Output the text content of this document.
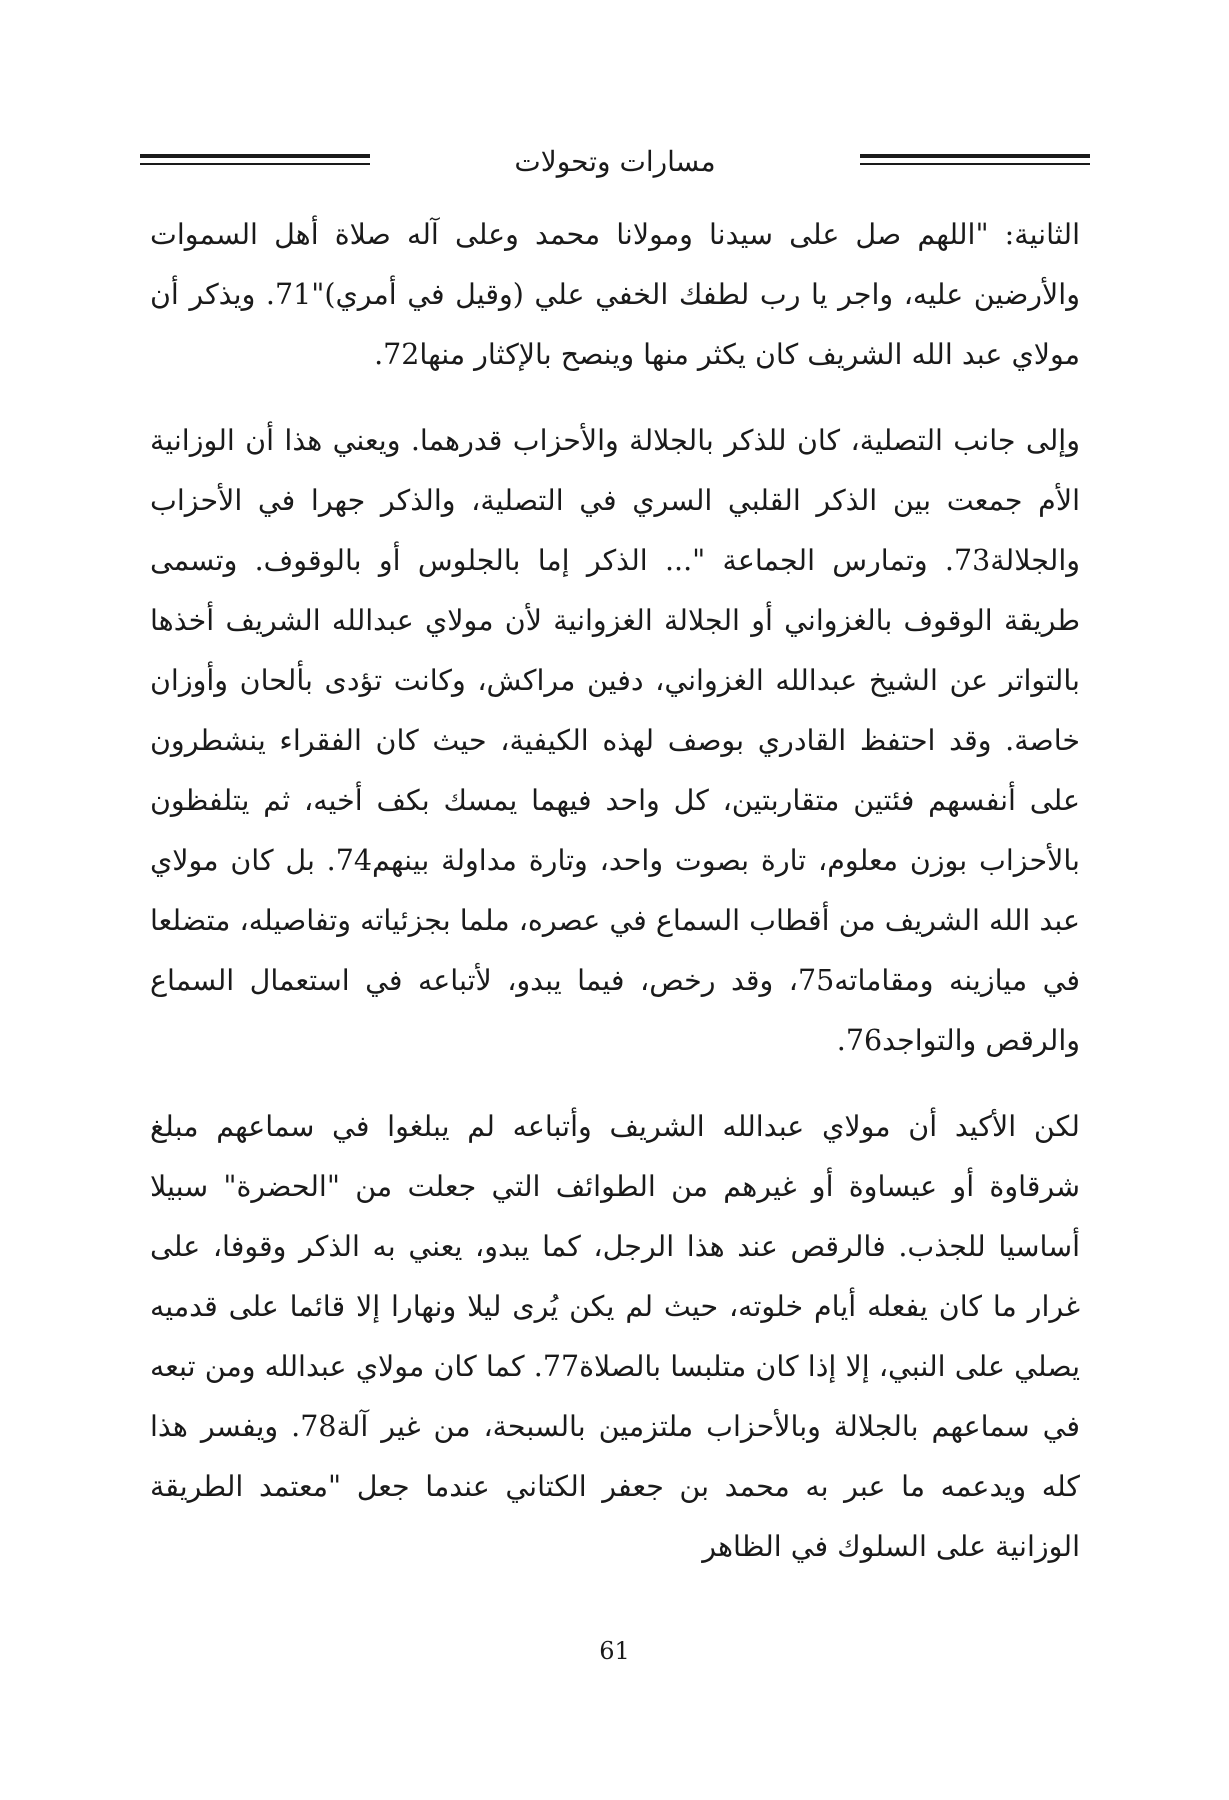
مسارات وتحولات

الثانية: "اللهم صل على سيدنا ومولانا محمد وعلى آله صلاة أهل السموات والأرضين عليه، واجر يا رب لطفك الخفي علي (وقيل في أمري)"71. ويذكر أن مولاي عبد الله الشريف كان يكثر منها وينصح بالإكثار منها72.

وإلى جانب التصلية، كان للذكر بالجلالة والأحزاب قدرهما. ويعني هذا أن الوزانية الأم جمعت بين الذكر القلبي السري في التصلية، والذكر جهرا في الأحزاب والجلالة73. وتمارس الجماعة "... الذكر إما بالجلوس أو بالوقوف. وتسمى طريقة الوقوف بالغزواني أو الجلالة الغزوانية لأن مولاي عبدالله الشريف أخذها بالتواتر عن الشيخ عبدالله الغزواني، دفين مراكش، وكانت تؤدى بألحان وأوزان خاصة. وقد احتفظ القادري بوصف لهذه الكيفية، حيث كان الفقراء ينشطرون على أنفسهم فئتين متقاربتين، كل واحد فيهما يمسك بكف أخيه، ثم يتلفظون بالأحزاب بوزن معلوم، تارة بصوت واحد، وتارة مداولة بينهم74. بل كان مولاي عبد الله الشريف من أقطاب السماع في عصره، ملما بجزئياته وتفاصيله، متضلعا في ميازينه ومقاماته75، وقد رخص، فيما يبدو، لأتباعه في استعمال السماع والرقص والتواجد76.

لكن الأكيد أن مولاي عبدالله الشريف وأتباعه لم يبلغوا في سماعهم مبلغ شرقاوة أو عيساوة أو غيرهم من الطوائف التي جعلت من "الحضرة" سبيلا أساسيا للجذب. فالرقص عند هذا الرجل، كما يبدو، يعني به الذكر وقوفا، على غرار ما كان يفعله أيام خلوته، حيث لم يكن يُرى ليلا ونهارا إلا قائما على قدميه يصلي على النبي، إلا إذا كان متلبسا بالصلاة77. كما كان مولاي عبدالله ومن تبعه في سماعهم بالجلالة وبالأحزاب ملتزمين بالسبحة، من غير آلة78. ويفسر هذا كله ويدعمه ما عبر به محمد بن جعفر الكتاني عندما جعل "معتمد الطريقة الوزانية على السلوك في الظاهر

61
